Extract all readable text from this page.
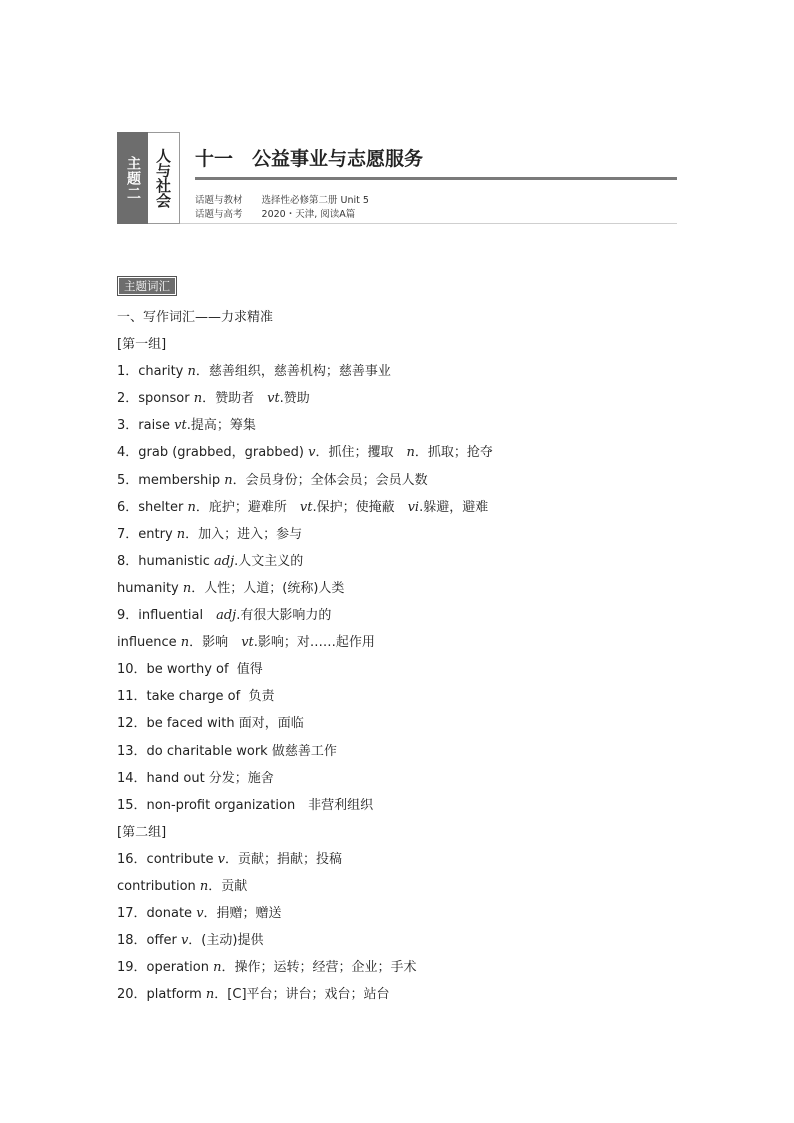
主题二 人与社会	十一　公益事业与志愿服务
话题与教材　　 选择性必修第二册 Unit 5
话题与高考　　 2020・天津, 阅读A篇
主题词汇
一、写作词汇——力求精准
[第一组]
1．charity n．慈善组织，慈善机构；慈善事业
2．sponsor n．赞助者　vt.赞助
3．raise vt.提高；筹集
4．grab (grabbed，grabbed) v．抓住；攫取　n．抓取；抢夺
5．membership n．会员身份；全体会员；会员人数
6．shelter n．庇护；避难所　vt.保护；使掩蔽　vi.躲避，避难
7．entry n．加入；进入；参与
8．humanistic adj.人文主义的
humanity n．人性；人道；(统称)人类
9．influential　adj.有很大影响力的
influence n．影响　vt.影响；对……起作用
10．be worthy of  值得
11．take charge of  负责
12．be faced with 面对，面临
13．do charitable work 做慈善工作
14．hand out 分发；施舍
15．non-profit organization　非营利组织
[第二组]
16．contribute v．贡献；捐献；投稿
contribution n．贡献
17．donate v．捐赠；赠送
18．offer v．(主动)提供
19．operation n．操作；运转；经营；企业；手术
20．platform n．[C]平台；讲台；戏台；站台
